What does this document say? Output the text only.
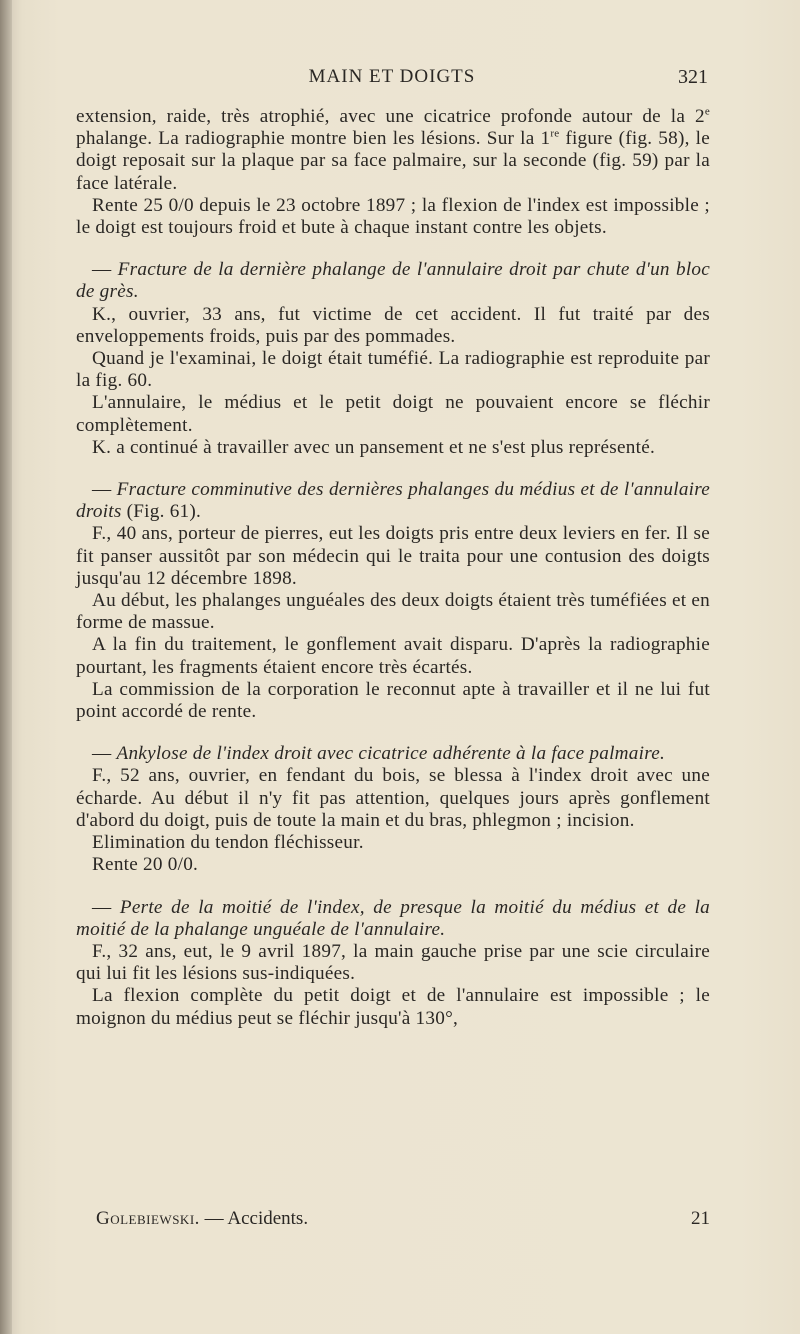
MAIN ET DOIGTS	321

extension, raide, très atrophié, avec une cicatrice profonde autour de la 2e phalange. La radiographie montre bien les lésions. Sur la 1re figure (fig. 58), le doigt reposait sur la plaque par sa face palmaire, sur la seconde (fig. 59) par la face latérale.

Rente 25 0/0 depuis le 23 octobre 1897 ; la flexion de l'index est impossible ; le doigt est toujours froid et bute à chaque instant contre les objets.

— Fracture de la dernière phalange de l'annulaire droit par chute d'un bloc de grès.

K., ouvrier, 33 ans, fut victime de cet accident. Il fut traité par des enveloppements froids, puis par des pommades.

Quand je l'examinai, le doigt était tuméfié. La radiographie est reproduite par la fig. 60.

L'annulaire, le médius et le petit doigt ne pouvaient encore se fléchir complètement.

K. a continué à travailler avec un pansement et ne s'est plus représenté.

— Fracture comminutive des dernières phalanges du médius et de l'annulaire droits (Fig. 61).

F., 40 ans, porteur de pierres, eut les doigts pris entre deux leviers en fer. Il se fit panser aussitôt par son médecin qui le traita pour une contusion des doigts jusqu'au 12 décembre 1898.

Au début, les phalanges unguéales des deux doigts étaient très tuméfiées et en forme de massue.

A la fin du traitement, le gonflement avait disparu. D'après la radiographie pourtant, les fragments étaient encore très écartés.

La commission de la corporation le reconnut apte à travailler et il ne lui fut point accordé de rente.

— Ankylose de l'index droit avec cicatrice adhérente à la face palmaire.

F., 52 ans, ouvrier, en fendant du bois, se blessa à l'index droit avec une écharde. Au début il n'y fit pas attention, quelques jours après gonflement d'abord du doigt, puis de toute la main et du bras, phlegmon ; incision.

Elimination du tendon fléchisseur.

Rente 20 0/0.

— Perte de la moitié de l'index, de presque la moitié du médius et de la moitié de la phalange unguéale de l'annulaire.

F., 32 ans, eut, le 9 avril 1897, la main gauche prise par une scie circulaire qui lui fit les lésions sus-indiquées.

La flexion complète du petit doigt et de l'annulaire est impossible ; le moignon du médius peut se fléchir jusqu'à 130°,

Golebiewski. — Accidents.	21
